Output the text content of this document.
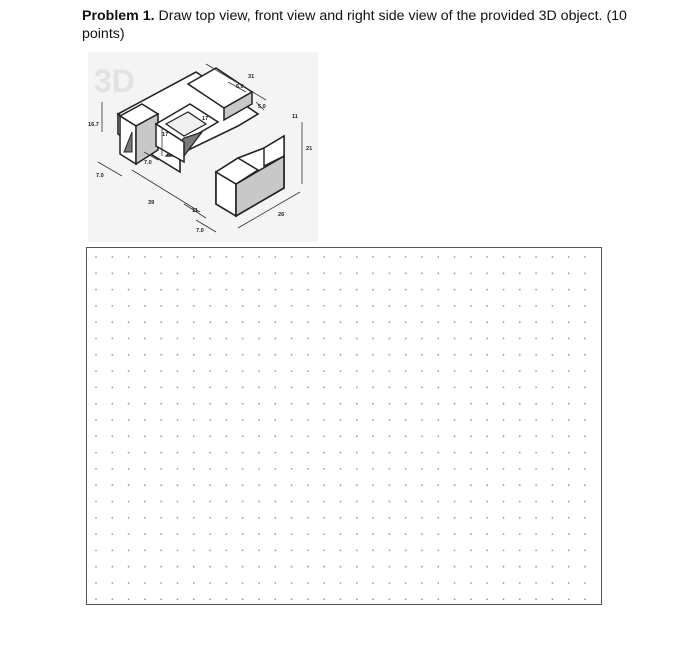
Problem 1. Draw top view, front view and right side view of the provided 3D object. (10 points)
3D	31
5.0
5.0
11
16.7
17
17
21
7.0
7.0
39
11
7.0
26
